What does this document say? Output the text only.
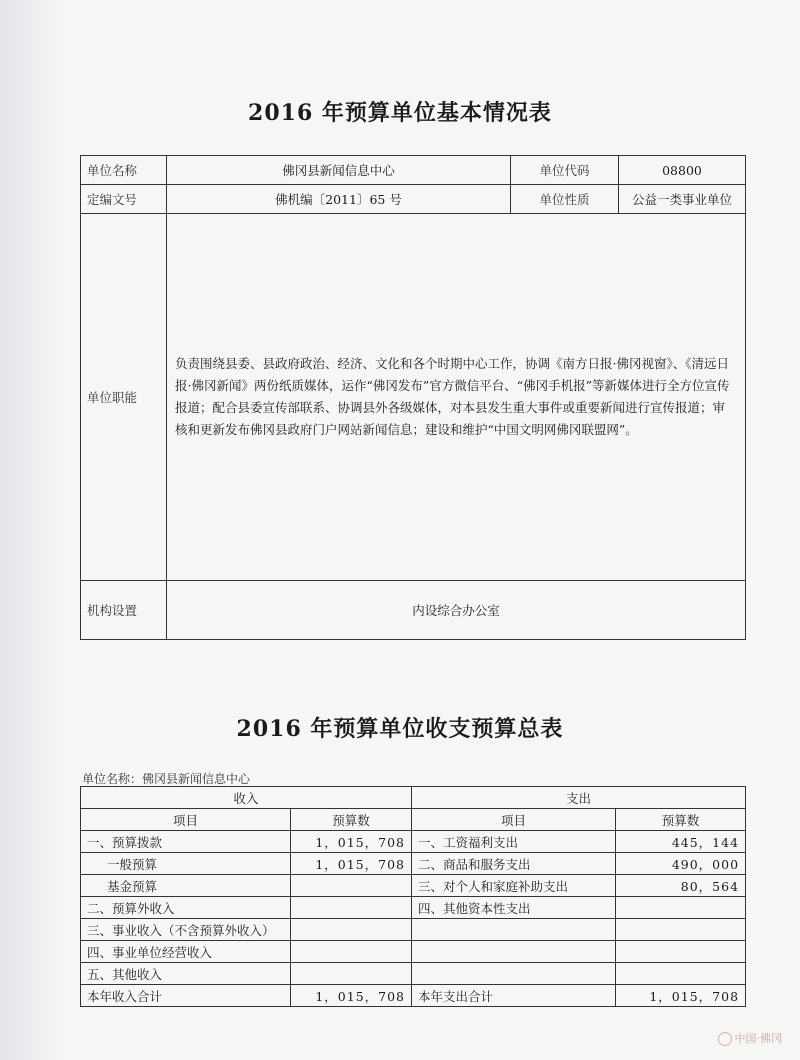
2016 年预算单位基本情况表
单位名称	佛冈县新闻信息中心	单位代码	08800
定编文号	佛机编〔2011〕65 号	单位性质	公益一类事业单位
单位职能	负责围绕县委、县政府政治、经济、文化和各个时期中心工作，协调《南方日报·佛冈视窗》、《清远日报·佛冈新闻》两份纸质媒体，运作“佛冈发布”官方微信平台、“佛冈手机报”等新媒体进行全方位宣传报道；配合县委宣传部联系、协调县外各级媒体，对本县发生重大事件或重要新闻进行宣传报道；审核和更新发布佛冈县政府门户网站新闻信息；建设和维护“中国文明网佛冈联盟网”。		
机构设置	内设综合办公室		
2016 年预算单位收支预算总表
单位名称：佛冈县新闻信息中心
收入		支出	
项目	预算数	项目	预算数
一、预算拨款	1，015，708	一、工资福利支出	445，144
一般预算	1，015，708	二、商品和服务支出	490，000
基金预算		三、对个人和家庭补助支出	80，564
二、预算外收入		四、其他资本性支出	
三、事业收入（不含预算外收入）			
四、事业单位经营收入			
五、其他收入			
本年收入合计	1，015，708	本年支出合计	1，015，708
中国·佛冈
